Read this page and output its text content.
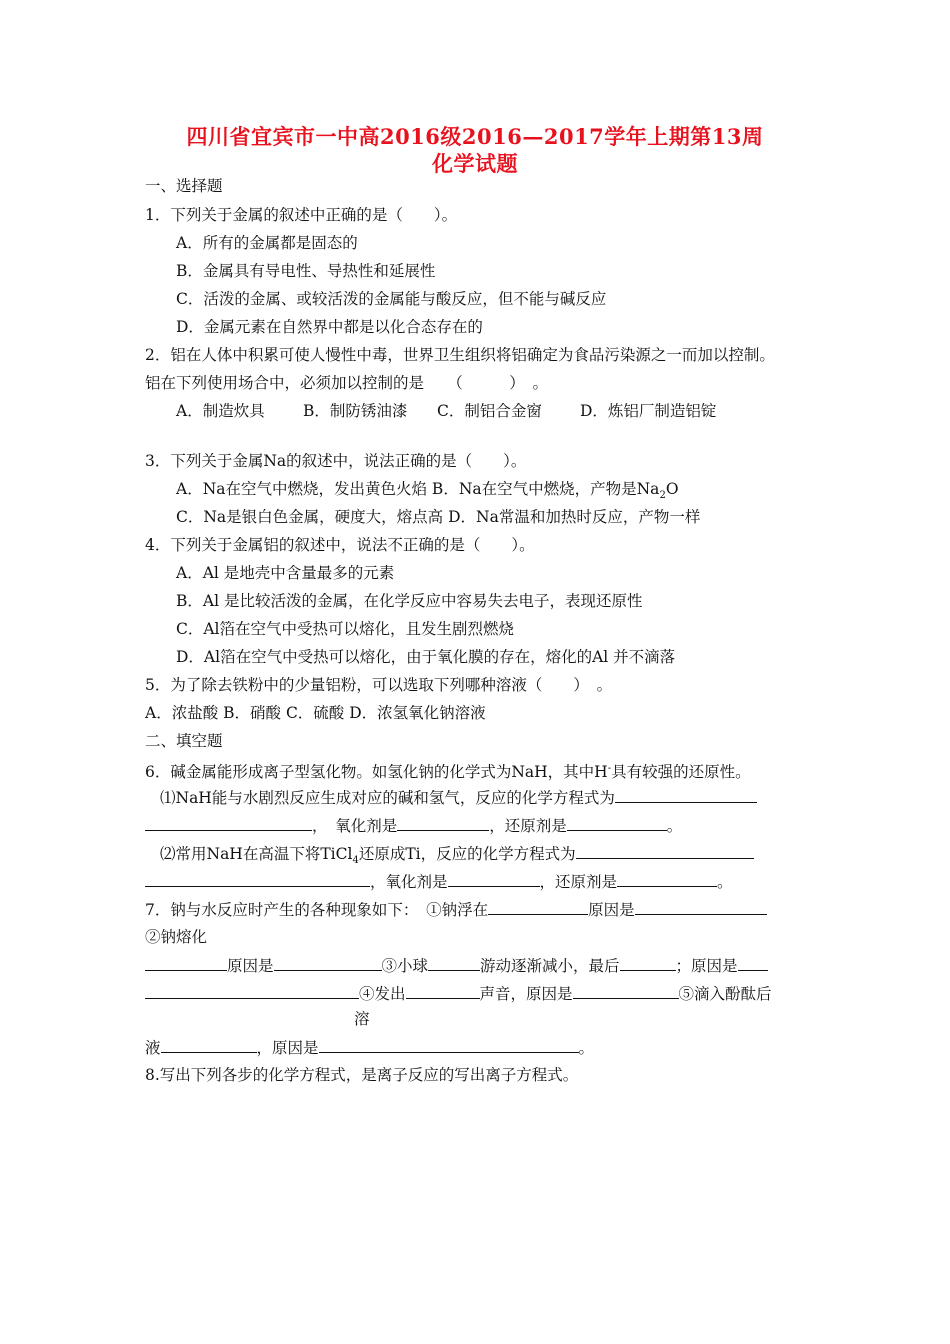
四川省宜宾市一中高2016级2016—2017学年上期第13周
化学试题
一、选择题
1．下列关于金属的叙述中正确的是（　　）。
A．所有的金属都是固态的
B．金属具有导电性、导热性和延展性
C．活泼的金属、或较活泼的金属能与酸反应，但不能与碱反应
D．金属元素在自然界中都是以化合态存在的
2．铝在人体中积累可使人慢性中毒，世界卫生组织将铝确定为食品污染源之一而加以控制。
铝在下列使用场合中，必须加以控制的是　　（　　　）　。
A．制造炊具 B．制防锈油漆 C．制铝合金窗 D．炼铝厂制造铝锭
3．下列关于金属Na的叙述中，说法正确的是（　　）。
A．Na在空气中燃烧，发出黄色火焰 B．Na在空气中燃烧，产物是$Na_2O$
C．Na是银白色金属，硬度大，熔点高 D．Na常温和加热时反应，产物一样
4．下列关于金属铝的叙述中，说法不正确的是（　　）。
A．Al 是地壳中含量最多的元素
B．Al 是比较活泼的金属，在化学反应中容易失去电子，表现还原性
C．Al箔在空气中受热可以熔化，且发生剧烈燃烧
D．Al箔在空气中受热可以熔化，由于氧化膜的存在，熔化的Al 并不滴落
5．为了除去铁粉中的少量铝粉，可以选取下列哪种溶液（　　）　。
A．浓盐酸 B．硝酸 C．硫酸 D．浓氢氧化钠溶液
二、填空题
6．碱金属能形成离子型氢化物。如氢化钠的化学式为NaH，其中H-具有较强的还原性。
⑴NaH能与水剧烈反应生成对应的碱和氢气，反应的化学方程式为
，　氧化剂是	，还原剂是	。
⑵常用NaH在高温下将TiCl$_4$还原成Ti，反应的化学方程式为
，氧化剂是	，还原剂是	。
7．钠与水反应时产生的各种现象如下：　①钠浮在	原因是
②钠熔化
原因是	③小球	游动逐渐减小，最后	；原因是
④发出	声音，原因是	⑤滴入酚酞后
溶
液	，原因是	。
8.写出下列各步的化学方程式，是离子反应的写出离子方程式。
